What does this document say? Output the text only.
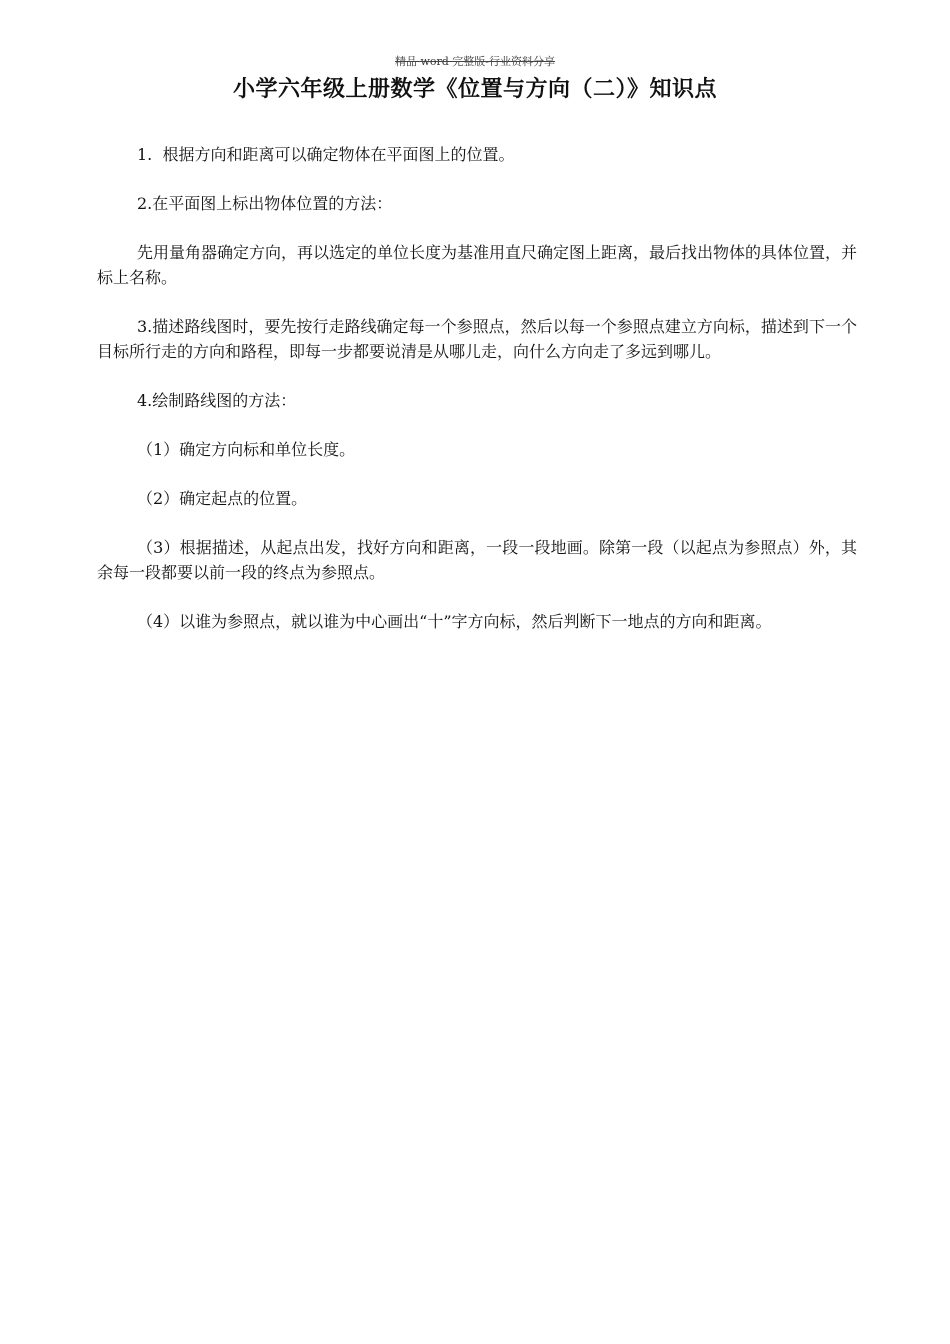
精品 word 完整版-行业资料分享
小学六年级上册数学《位置与方向（二）》知识点

1.  根据方向和距离可以确定物体在平面图上的位置。

2.在平面图上标出物体位置的方法：

先用量角器确定方向，再以选定的单位长度为基准用直尺确定图上距离，最后找出物体的具体位置，并标上名称。

3.描述路线图时，要先按行走路线确定每一个参照点，然后以每一个参照点建立方向标，描述到下一个目标所行走的方向和路程，即每一步都要说清是从哪儿走，向什么方向走了多远到哪儿。

4.绘制路线图的方法：

（1）确定方向标和单位长度。

（2）确定起点的位置。

（3）根据描述，从起点出发，找好方向和距离，一段一段地画。除第一段（以起点为参照点）外，其余每一段都要以前一段的终点为参照点。

（4）以谁为参照点，就以谁为中心画出“十”字方向标，然后判断下一地点的方向和距离。
